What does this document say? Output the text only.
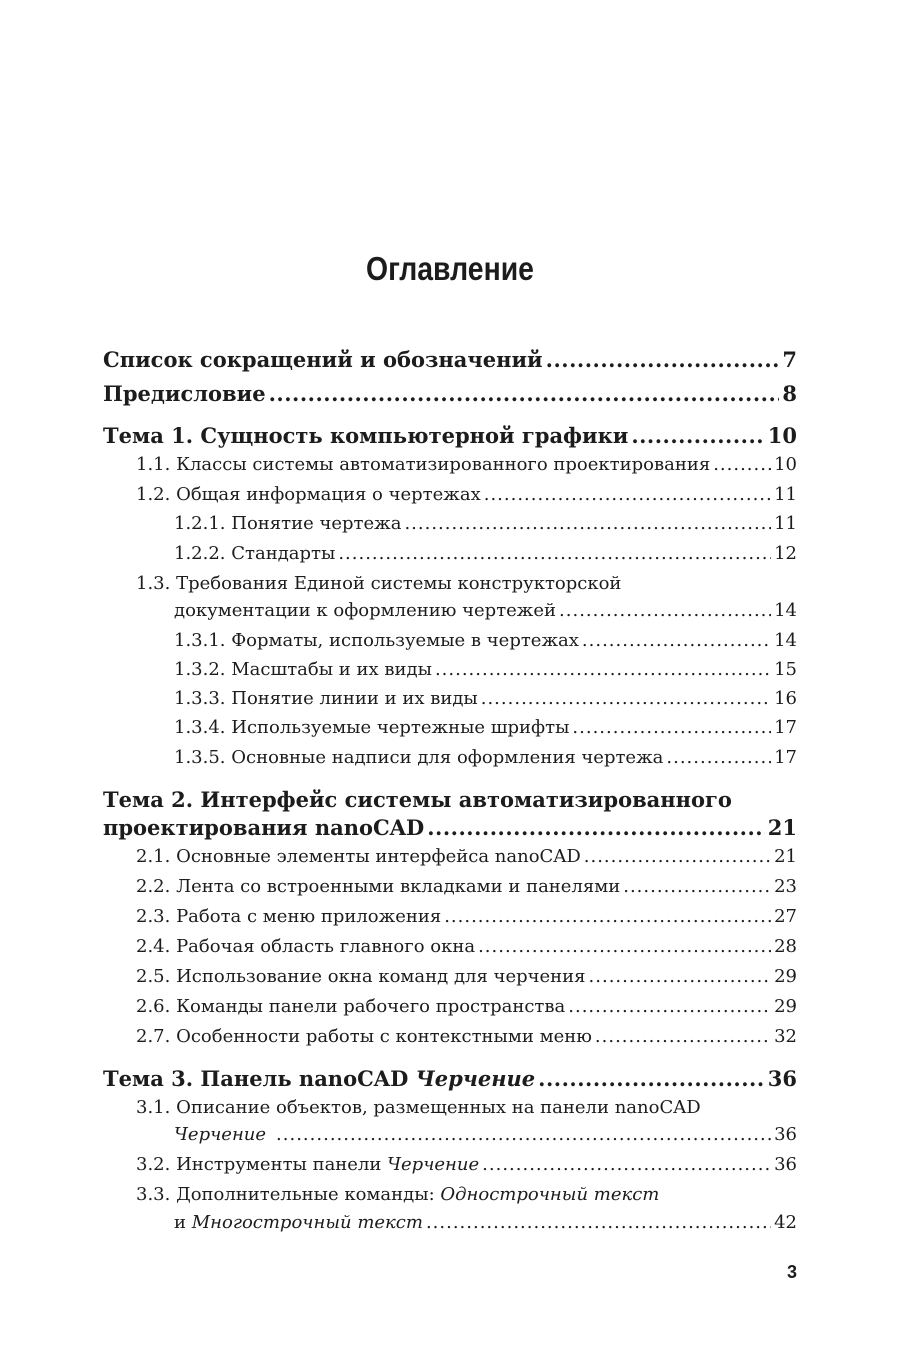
Оглавление
Список сокращений и обозначений .....	7
Предисловие .....	8
Тема 1. Сущность компьютерной графики .....	10
1.1. Классы системы автоматизированного проектирования .....	10
1.2. Общая информация о чертежах .....	11
1.2.1. Понятие чертежа .....	11
1.2.2. Стандарты .....	12
1.3. Требования Единой системы конструкторской
документации к оформлению чертежей .....	14
1.3.1. Форматы, используемые в чертежах .....	14
1.3.2. Масштабы и их виды .....	15
1.3.3. Понятие линии и их виды .....	16
1.3.4. Используемые чертежные шрифты .....	17
1.3.5. Основные надписи для оформления чертежа .....	17
Тема 2. Интерфейс системы автоматизированного
проектирования nanoCAD .....	21
2.1. Основные элементы интерфейса nanoCAD .....	21
2.2. Лента со встроенными вкладками и панелями .....	23
2.3. Работа с меню приложения .....	27
2.4. Рабочая область главного окна .....	28
2.5. Использование окна команд для черчения .....	29
2.6. Команды панели рабочего пространства .....	29
2.7. Особенности работы с контекстными меню .....	32
Тема 3. Панель nanoCAD Черчение .....	36
3.1. Описание объектов, размещенных на панели nanoCAD
Черчение .....	36
3.2. Инструменты панели Черчение .....	36
3.3. Дополнительные команды: Однострочный текст
и Многострочный текст .....	42
3
